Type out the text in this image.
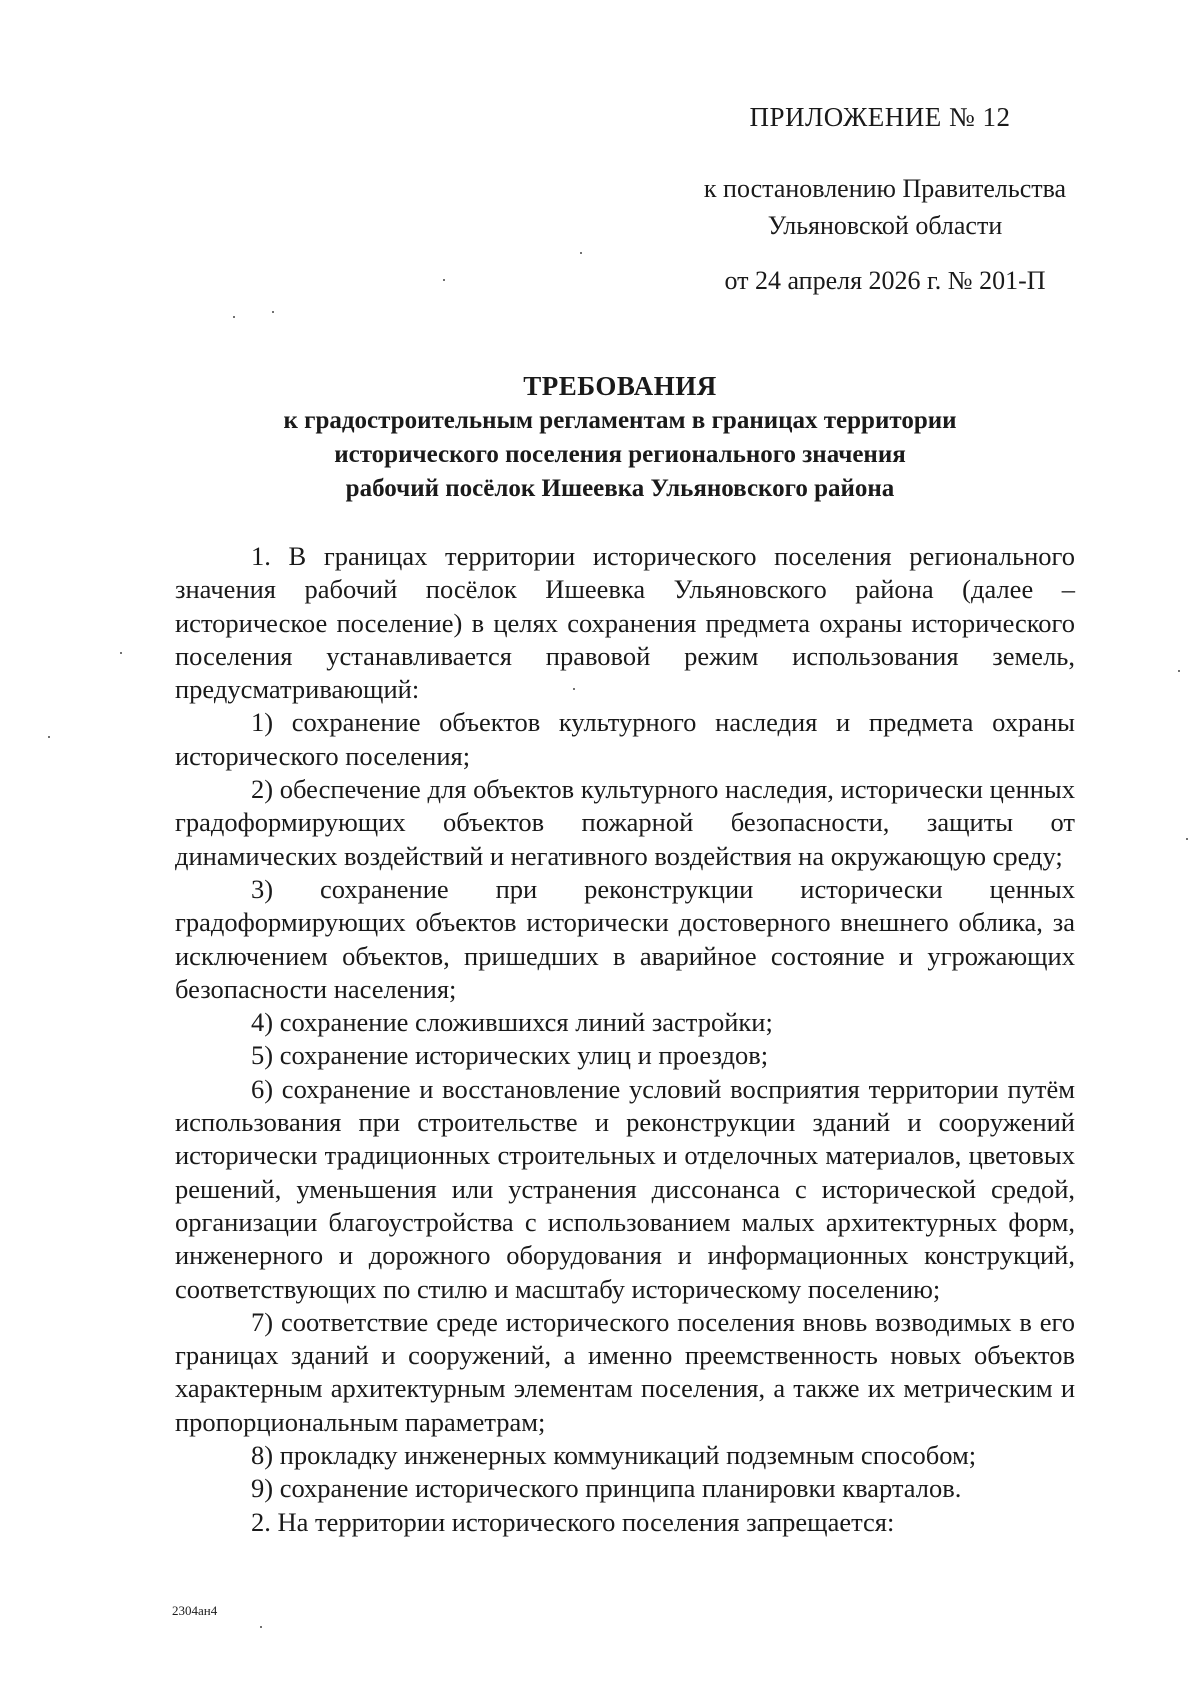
ПРИЛОЖЕНИЕ № 12
к постановлению Правительства
Ульяновской области
от 24 апреля 2026 г. № 201-П
ТРЕБОВАНИЯ
к градостроительным регламентам в границах территории
исторического поселения регионального значения
рабочий посёлок Ишеевка Ульяновского района

1. В границах территории исторического поселения регионального значения рабочий посёлок Ишеевка Ульяновского района (далее – историческое поселение) в целях сохранения предмета охраны исторического поселения устанавливается правовой режим использования земель, предусматривающий:

1) сохранение объектов культурного наследия и предмета охраны исторического поселения;

2) обеспечение для объектов культурного наследия, исторически ценных градоформирующих объектов пожарной безопасности, защиты от динамических воздействий и негативного воздействия на окружающую среду;

3) сохранение при реконструкции исторически ценных градоформирующих объектов исторически достоверного внешнего облика, за исключением объектов, пришедших в аварийное состояние и угрожающих безопасности населения;

4) сохранение сложившихся линий застройки;

5) сохранение исторических улиц и проездов;

6) сохранение и восстановление условий восприятия территории путём использования при строительстве и реконструкции зданий и сооружений исторически традиционных строительных и отделочных материалов, цветовых решений, уменьшения или устранения диссонанса с исторической средой, организации благоустройства с использованием малых архитектурных форм, инженерного и дорожного оборудования и информационных конструкций, соответствующих по стилю и масштабу историческому поселению;

7) соответствие среде исторического поселения вновь возводимых в его границах зданий и сооружений, а именно преемственность новых объектов характерным архитектурным элементам поселения, а также их метрическим и пропорциональным параметрам;

8) прокладку инженерных коммуникаций подземным способом;

9) сохранение исторического принципа планировки кварталов.

2. На территории исторического поселения запрещается:

2304ан4
